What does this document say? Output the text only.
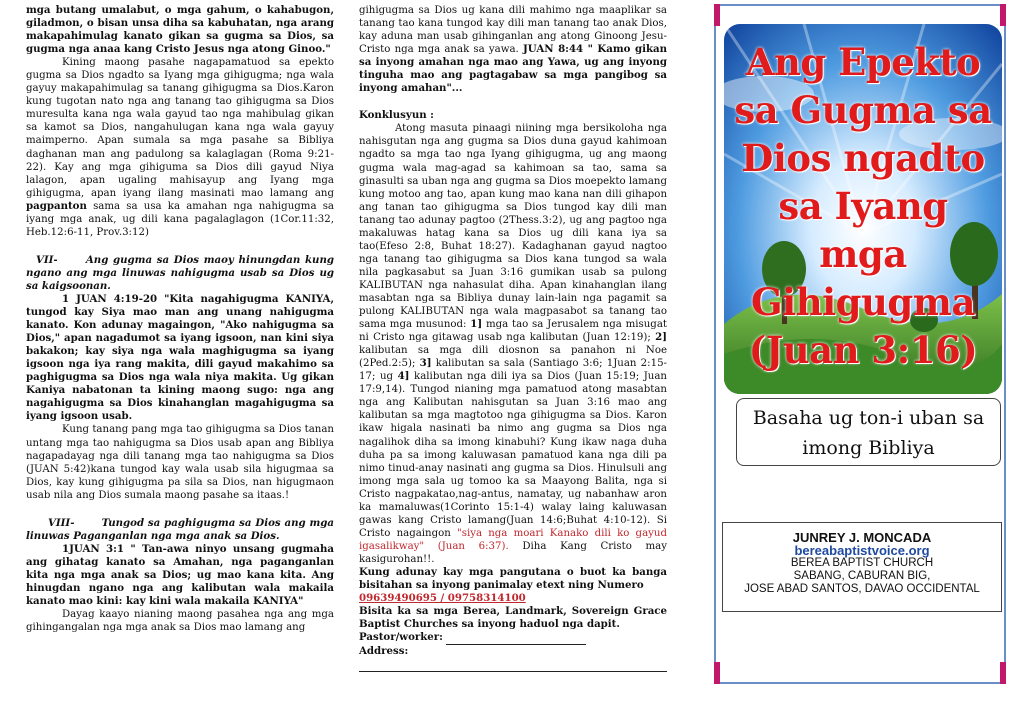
mga butang umalabut, o mga gahum, o kahabugon, giladmon, o bisan unsa diha sa kabuhatan, nga arang makapahimulag kanato gikan sa gugma sa Dios, sa gugma nga anaa kang Cristo Jesus nga atong Ginoo."

Kining maong pasahe nagapamatuod sa epekto gugma sa Dios ngadto sa Iyang mga gihigugma; nga wala gayuy makapahimulag sa tanang gihigugma sa Dios.Karon kung tugotan nato nga ang tanang tao gihigugma sa Dios muresulta kana nga wala gayud tao nga mahibulag gikan sa kamot sa Dios, nangahulugan kana nga wala gayuy maimperno. Apan sumala sa mga pasahe sa Bibliya daghanan man ang padulong sa kalaglagan (Roma 9:21-22). Kay ang mga gihiguma sa Dios dili gayud Niya lalagon, apan ugaling mahisayup ang Iyang mga gihigugma, apan iyang ilang masinati mao lamang ang pagpanton sama sa usa ka amahan nga nahigugma sa iyang mga anak, ug dili kana pagalaglagon (1Cor.11:32, Heb.12:6-11, Prov.3:12)

VII-	Ang gugma sa Dios maoy hinungdan kung ngano ang mga linuwas nahigugma usab sa Dios ug sa kaigsoonan.

1 JUAN 4:19-20 "Kita nagahigugma KANIYA, tungod kay Siya mao man ang unang nahigugma kanato. Kon adunay magaingon, "Ako nahigugma sa Dios," apan nagadumot sa iyang igsoon, nan kini siya bakakon; kay siya nga wala maghigugma sa iyang igsoon nga iya rang makita, dili gayud makahimo sa paghigugma sa Dios nga wala niya makita. Ug gikan Kaniya nabatonan ta kining maong sugo: nga ang nagahigugma sa Dios kinahanglan magahigugma sa iyang igsoon usab.

Kung tanang pang mga tao gihigugma sa Dios tanan untang mga tao nahigugma sa Dios usab apan ang Bibliya nagapadayag nga dili tanang mga tao nahigugma sa Dios (JUAN 5:42)kana tungod kay wala usab sila higugmaa sa Dios, kay kung gihigugma pa sila sa Dios, nan higugmaon usab nila ang Dios sumala maong pasahe sa itaas.!

VIII-	Tungod sa paghigugma sa Dios ang mga linuwas Paganganlan nga mga anak sa Dios.

1JUAN 3:1 " Tan-awa ninyo unsang gugmaha ang gihatag kanato sa Amahan, nga paganganlan kita nga mga anak sa Dios; ug mao kana kita. Ang hinugdan ngano nga ang kalibutan wala makaila kanato mao kini: kay kini wala makaila KANIYA"

Dayag kaayo nianing maong pasahea nga ang mga gihingangalan nga mga anak sa Dios mao lamang ang

gihigugma sa Dios ug kana dili mahimo nga maaplikar sa tanang tao kana tungod kay dili man tanang tao anak Dios, kay aduna man usab gihinganlan ang atong Ginoong Jesu-Cristo nga mga anak sa yawa. JUAN 8:44 " Kamo gikan sa inyong amahan nga mao ang Yawa, ug ang inyong tinguha mao ang pagtagabaw sa mga pangibog sa inyong amahan"...

Konklusyun :

Atong masuta pinaagi niining mga bersikoloha nga nahisgutan nga ang gugma sa Dios duna gayud kahimoan ngadto sa mga tao nga Iyang gihigugma, ug ang maong gugma wala mag-agad sa kahimoan sa tao, sama sa ginasulti sa uban nga ang gugma sa Dios moepekto lamang kung motoo ang tao, apan kung mao kana nan dili gihapon ang tanan tao gihigugma sa Dios tungod kay dili man tanang tao adunay pagtoo (2Thess.3:2), ug ang pagtoo nga makaluwas hatag kana sa Dios ug dili kana iya sa tao(Efeso 2:8, Buhat 18:27). Kadaghanan gayud nagtoo nga tanang tao gihigugma sa Dios kana tungod sa wala nila pagkasabut sa Juan 3:16 gumikan usab sa pulong KALIBUTAN nga nahasulat diha. Apan kinahanglan ilang masabtan nga sa Bibliya dunay lain-lain nga pagamit sa pulong KALIBUTAN nga wala magpasabot sa tanang tao sama mga musunod: 1] mga tao sa Jerusalem nga misugat ni Cristo nga gitawag usab nga kalibutan (Juan 12:19); 2] kalibutan sa mga dili diosnon sa panahon ni Noe (2Ped.2:5); 3] kalibutan sa sala (Santiago 3:6; 1Juan 2:15-17; ug 4] kalibutan nga dili iya sa Dios (Juan 15:19; Juan 17:9,14). Tungod nianing mga pamatuod atong masabtan nga ang Kalibutan nahisgutan sa Juan 3:16 mao ang kalibutan sa mga magtotoo nga gihigugma sa Dios. Karon ikaw higala nasinati ba nimo ang gugma sa Dios nga nagalihok diha sa imong kinabuhi? Kung ikaw naga duha duha pa sa imong kaluwasan pamatuod kana nga dili pa nimo tinud-anay nasinati ang gugma sa Dios. Hinulsuli ang imong mga sala ug tomoo ka sa Maayong Balita, nga si Cristo nagpakatao,nag-antus, namatay, ug nabanhaw aron ka mamaluwas(1Corinto 15:1-4) walay laing kaluwasan gawas kang Cristo lamang(Juan 14:6;Buhat 4:10-12). Si Cristo nagaingon "siya nga moari Kanako dili ko gayud igasalikway" (Juan 6:37). Diha Kang Cristo may kasigurohan!!.

Kung adunay kay mga pangutana o buot ka banga bisitahan sa inyong panimalay etext ning Numero

09639490695 / 09758314100

Bisita ka sa mga Berea, Landmark, Sovereign Grace Baptist Churches sa inyong haduol nga dapit.

Pastor/worker:

Address:

Ang Epekto
sa Gugma sa
Dios ngadto
sa Iyang
mga
Gihigugma
(Juan 3:16)
Basaha ug ton-i uban sa imong Bibliya
JUNREY J. MONCADA
bereabaptistvoice.org
BEREA BAPTIST CHURCH
SABANG, CABURAN BIG,
JOSE ABAD SANTOS, DAVAO OCCIDENTAL
